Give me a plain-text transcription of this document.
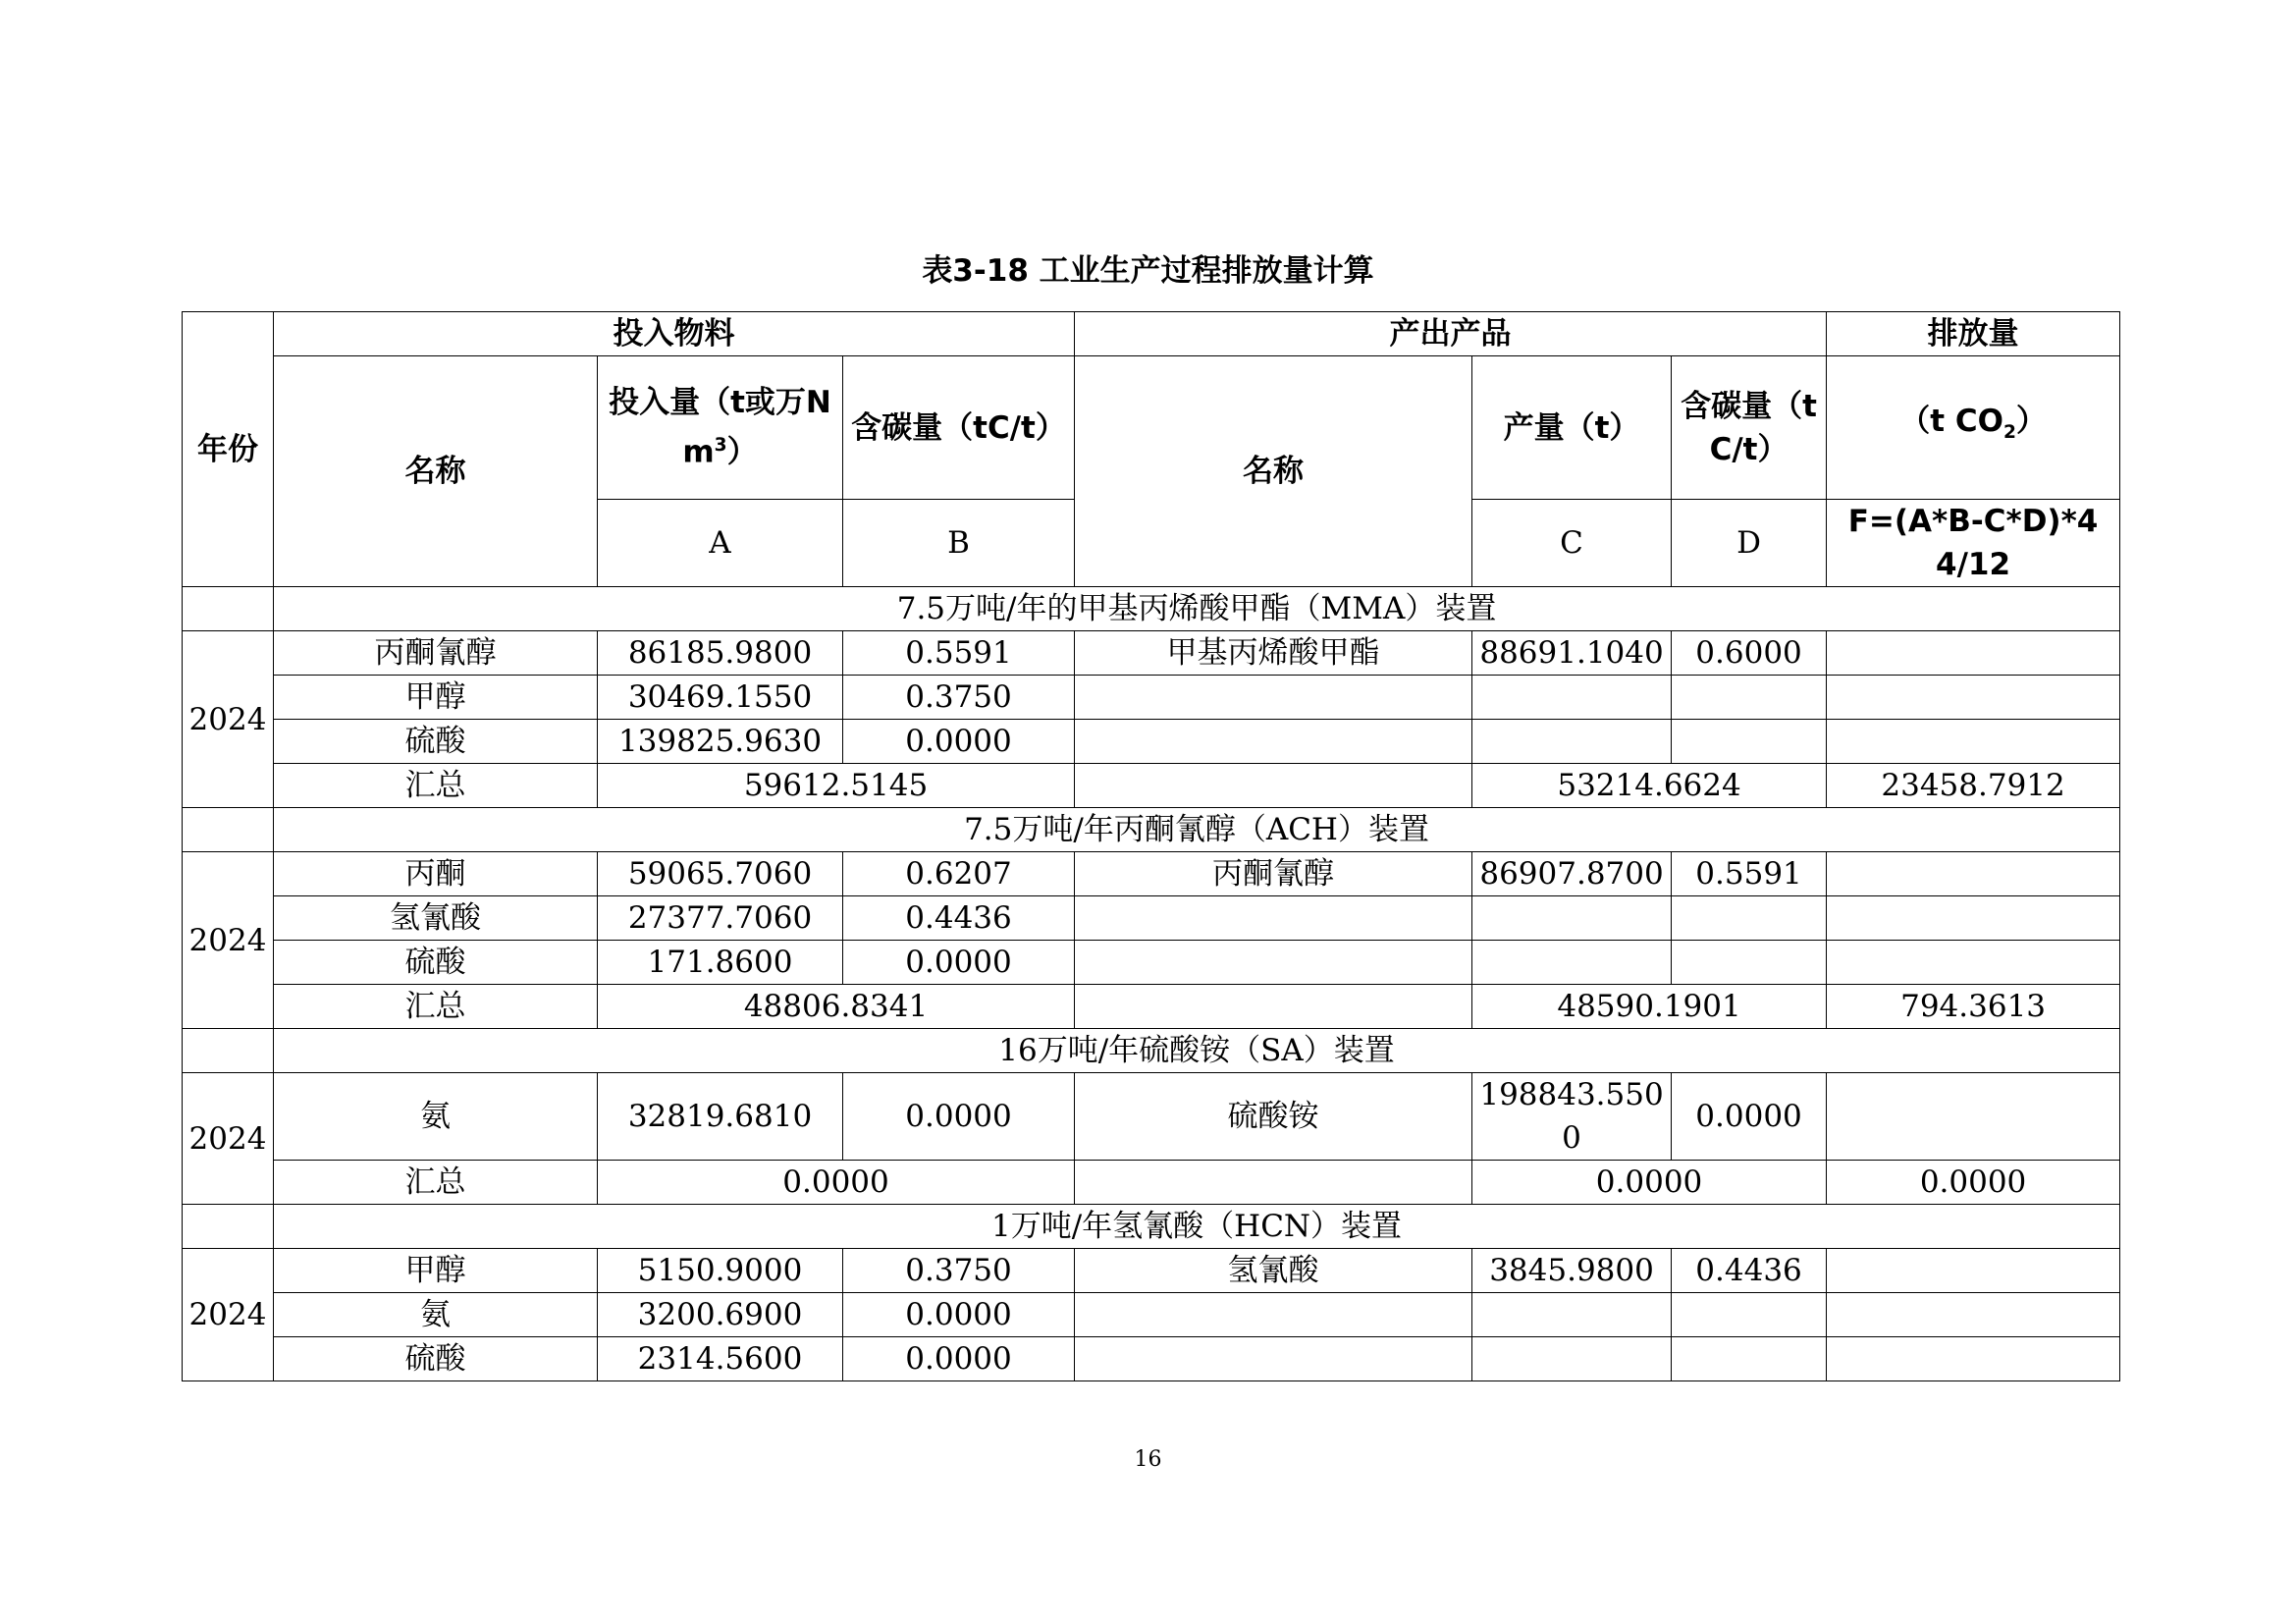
表3-18 工业生产过程排放量计算
年份	投入物料			产出产品			排放量
	名称	投入量（t或万Nm$^3$）	含碳量（tC/t）	名称	产量（t）	含碳量（tC/t）	（t $CO_2$）
		A	B		C	D	F=(A*B-C*D)*44/12
	7.5万吨/年的甲基丙烯酸甲酯（MMA）装置						
2024	丙酮氰醇	86185.9800	0.5591	甲基丙烯酸甲酯	88691.1040	0.6000	
	甲醇	30469.1550	0.3750				
	硫酸	139825.9630	0.0000				
	汇总	59612.5145			53214.6624		23458.7912
	7.5万吨/年丙酮氰醇（ACH）装置						
2024	丙酮	59065.7060	0.6207	丙酮氰醇	86907.8700	0.5591	
	氢氰酸	27377.7060	0.4436				
	硫酸	171.8600	0.0000				
	汇总	48806.8341			48590.1901		794.3613
	16万吨/年硫酸铵（SA）装置						
2024	氨	32819.6810	0.0000	硫酸铵	198843.5500	0.0000	
	汇总	0.0000			0.0000		0.0000
	1万吨/年氢氰酸（HCN）装置						
2024	甲醇	5150.9000	0.3750	氢氰酸	3845.9800	0.4436	
	氨	3200.6900	0.0000				
	硫酸	2314.5600	0.0000				
16
